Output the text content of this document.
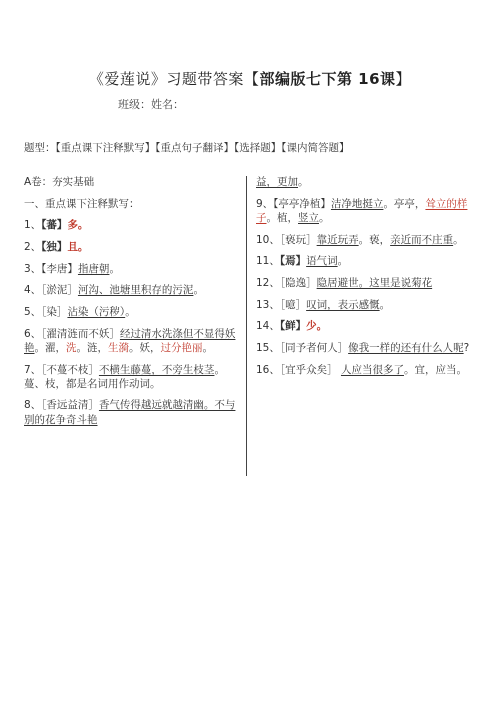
《爱莲说》习题带答案【部编版七下第 16课】
班级：姓名：
题型：【重点课下注释默写】【重点句子翻译】【选择题】【课内简答题】
A卷：夯实基础
一、重点课下注释默写：
1、【蕃】多。
2、【独】且。
3、【李唐】指唐朝。
4、［淤泥］河沟、池塘里积存的污泥。
5、［染］沾染（污秽）。
6、［濯清涟而不妖］经过清水洗涤但不显得妖艳。濯，洗。涟，生漪。妖，过分艳丽。
7、［不蔓不枝］不横生藤蔓，不旁生枝茎。蔓、枝，都是名词用作动词。
8、［香远益清］香气传得越远就越清幽。不与别的花争奇斗艳
益，更加。
9、【亭亭净植】洁净地挺立。亭亭，耸立的样子。植，竖立。
10、［亵玩］靠近玩弄。亵，亲近而不庄重。
11、【焉】语气词。
12、［隐逸］隐居避世。这里是说菊花
13、［噫］叹词，表示感慨。
14、【鲜】少。
15、［同予者何人］像我一样的还有什么人呢?
16、［宜乎众矣］ 人应当很多了。宜，应当。
